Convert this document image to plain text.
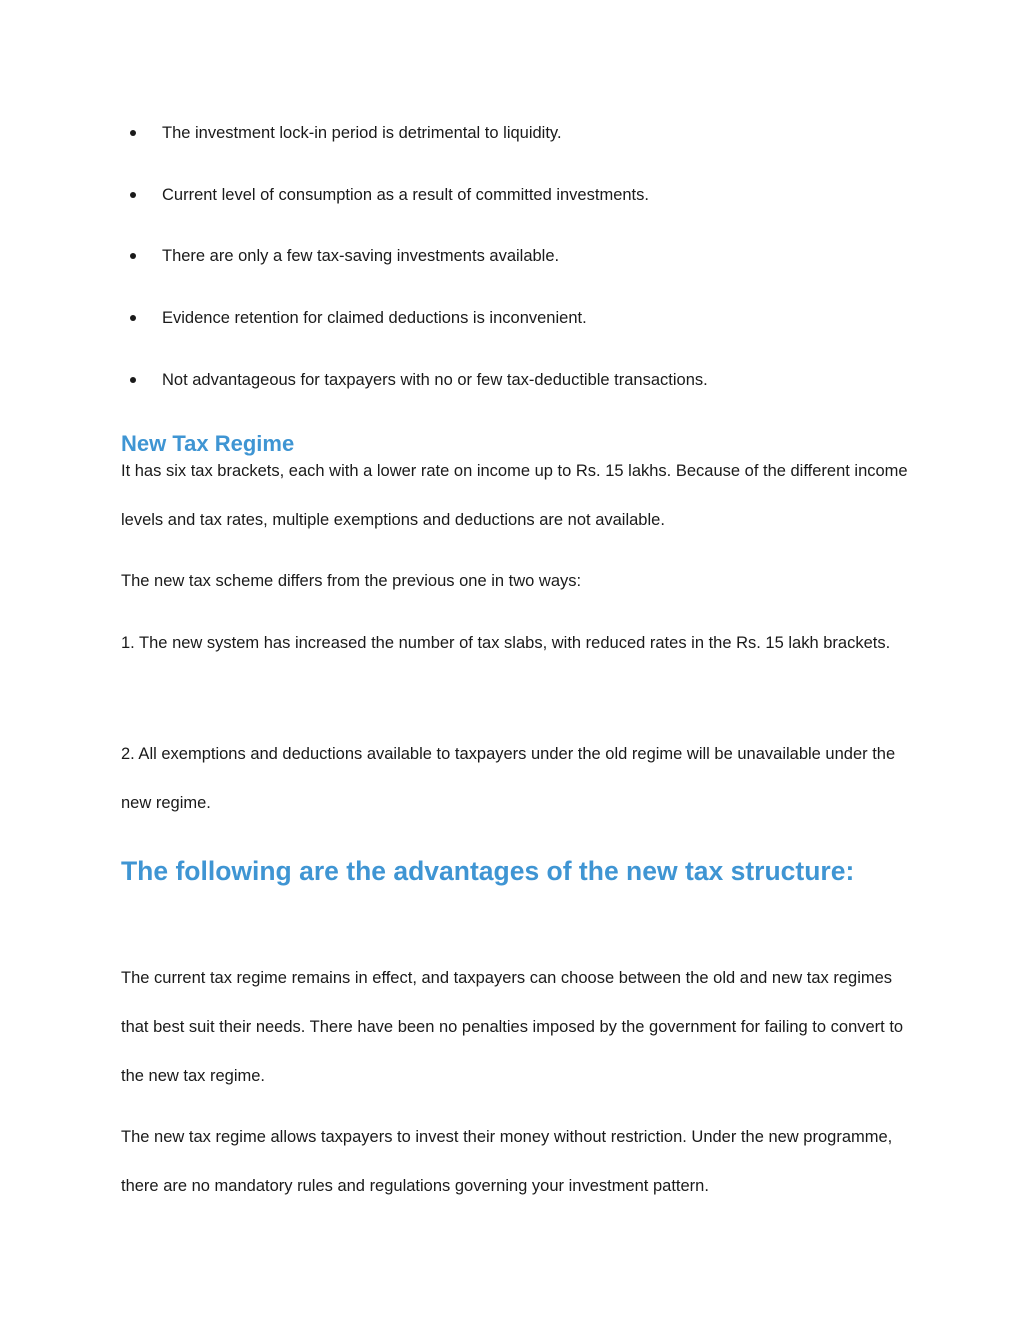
The investment lock-in period is detrimental to liquidity.
Current level of consumption as a result of committed investments.
There are only a few tax-saving investments available.
Evidence retention for claimed deductions is inconvenient.
Not advantageous for taxpayers with no or few tax-deductible transactions.
New Tax Regime

It has six tax brackets, each with a lower rate on income up to Rs. 15 lakhs. Because of the different income levels and tax rates, multiple exemptions and deductions are not available.

The new tax scheme differs from the previous one in two ways:

1. The new system has increased the number of tax slabs, with reduced rates in the Rs. 15 lakh brackets.

2. All exemptions and deductions available to taxpayers under the old regime will be unavailable under the new regime.

The following are the advantages of the new tax structure:

The current tax regime remains in effect, and taxpayers can choose between the old and new tax regimes that best suit their needs. There have been no penalties imposed by the government for failing to convert to the new tax regime.

The new tax regime allows taxpayers to invest their money without restriction. Under the new programme, there are no mandatory rules and regulations governing your investment pattern.
